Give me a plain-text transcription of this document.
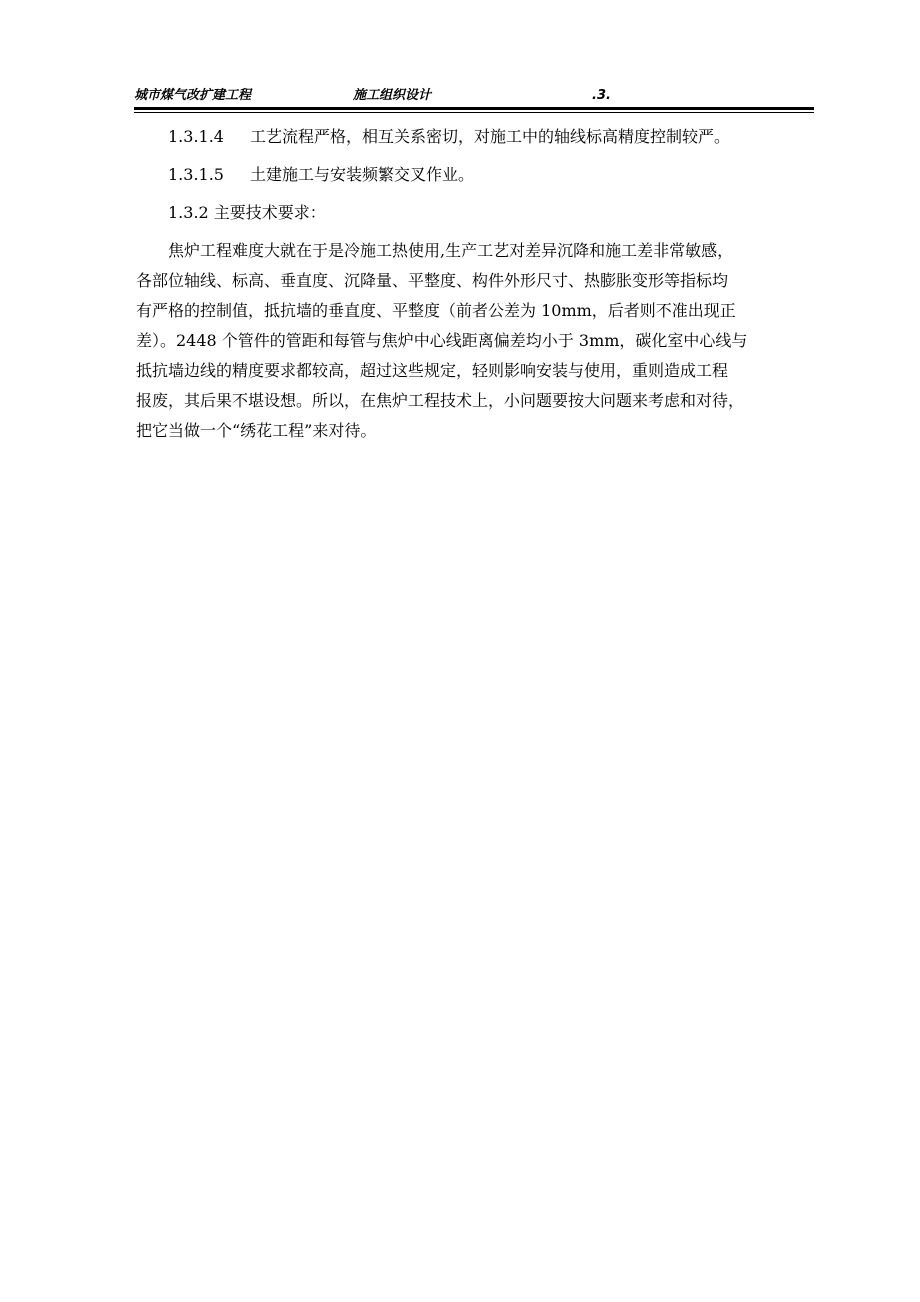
城市煤气改扩建工程	施工组织设计	.3.

1.3.1.4 工艺流程严格，相互关系密切，对施工中的轴线标高精度控制较严。

1.3.1.5 土建施工与安装频繁交叉作业。

1.3.2 主要技术要求：

焦炉工程难度大就在于是冷施工热使用,生产工艺对差异沉降和施工差非常敏感，

各部位轴线、标高、垂直度、沉降量、平整度、构件外形尺寸、热膨胀变形等指标均

有严格的控制值，抵抗墙的垂直度、平整度（前者公差为 10mm，后者则不准出现正

差）。2448 个管件的管距和每管与焦炉中心线距离偏差均小于 3mm，碳化室中心线与

抵抗墙边线的精度要求都较高，超过这些规定，轻则影响安装与使用，重则造成工程

报废，其后果不堪设想。所以，在焦炉工程技术上，小问题要按大问题来考虑和对待，

把它当做一个“绣花工程”来对待。
